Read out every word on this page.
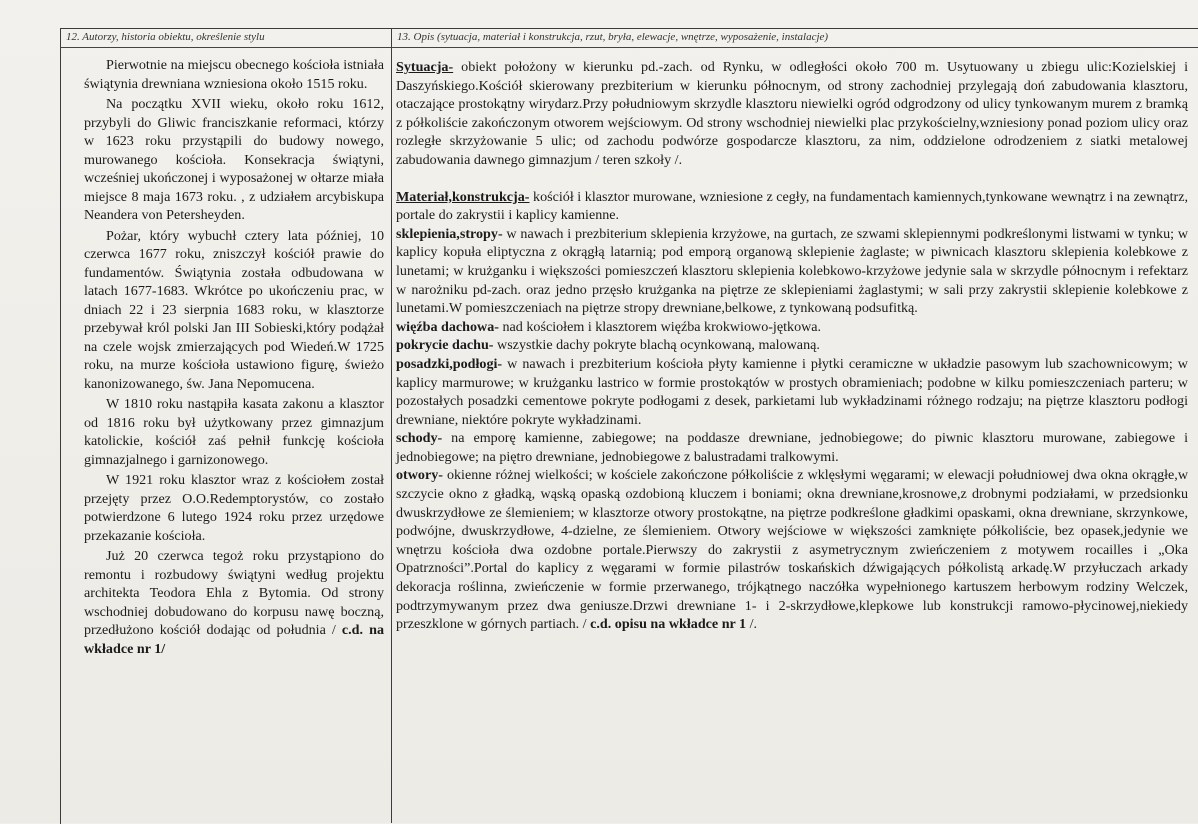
12. Autorzy, historia obiektu, określenie stylu	13. Opis (sytuacja, materiał i konstrukcja, rzut, bryła, elewacje, wnętrze, wyposażenie, instalacje)

Pierwotnie na miejscu obecnego kościoła istniała świątynia drewniana wzniesiona około 1515 roku.

Na początku XVII wieku, około roku 1612, przybyli do Gliwic franciszkanie reformaci, którzy w 1623 roku przystąpili do budowy nowego, murowanego kościoła. Konsekracja świątyni, wcześniej ukończonej i wyposażonej w ołtarze miała miejsce 8 maja 1673 roku. , z udziałem arcybiskupa Neandera von Petersheyden.

Pożar, który wybuchł cztery lata później, 10 czerwca 1677 roku, zniszczył kościół prawie do fundamentów. Świątynia została odbudowana w latach 1677-1683. Wkrótce po ukończeniu prac, w dniach 22 i 23 sierpnia 1683 roku, w klasztorze przebywał król polski Jan III Sobieski,który podążał na czele wojsk zmierzających pod Wiedeń.W 1725 roku, na murze kościoła ustawiono figurę, świeżo kanonizowanego, św. Jana Nepomucena.

W 1810 roku nastąpiła kasata zakonu a klasztor od 1816 roku był użytkowany przez gimnazjum katolickie, kościół zaś pełnił funkcję kościoła gimnazjalnego i garnizonowego.

W 1921 roku klasztor wraz z kościołem został przejęty przez O.O.Redemptorystów, co zostało potwierdzone 6 lutego 1924 roku przez urzędowe przekazanie kościoła.

Już 20 czerwca tegoż roku przystąpiono do remontu i rozbudowy świątyni według projektu architekta Teodora Ehla z Bytomia. Od strony wschodniej dobudowano do korpusu nawę boczną, przedłużono kościół dodając od południa / c.d. na wkładce nr 1/

Sytuacja- obiekt położony w kierunku pd.-zach. od Rynku, w odległości około 700 m. Usytuowany u zbiegu ulic:Kozielskiej i Daszyńskiego.Kościół skierowany prezbiterium w kierunku północnym, od strony zachodniej przylegają doń zabudowania klasztoru, otaczające prostokątny wirydarz.Przy południowym skrzydle klasztoru niewielki ogród odgrodzony od ulicy tynkowanym murem z bramką z półkoliście zakończonym otworem wejściowym. Od strony wschodniej niewielki plac przykościelny,wzniesiony ponad poziom ulicy oraz rozległe skrzyżowanie 5 ulic; od zachodu podwórze gospodarcze klasztoru, za nim, oddzielone odrodzeniem z siatki metalowej zabudowania dawnego gimnazjum / teren szkoły /.

Materiał,konstrukcja- kościół i klasztor murowane, wzniesione z cegły, na fundamentach kamiennych,tynkowane wewnątrz i na zewnątrz, portale do zakrystii i kaplicy kamienne.

sklepienia,stropy- w nawach i prezbiterium sklepienia krzyżowe, na gurtach, ze szwami sklepiennymi podkreślonymi listwami w tynku; w kaplicy kopuła eliptyczna z okrągłą latarnią; pod emporą organową sklepienie żaglaste; w piwnicach klasztoru sklepienia kolebkowe z lunetami; w krużganku i większości pomieszczeń klasztoru sklepienia kolebkowo-krzyżowe jedynie sala w skrzydle północnym i refektarz w narożniku pd-zach. oraz jedno przęsło krużganka na piętrze ze sklepieniami żaglastymi; w sali przy zakrystii sklepienie kolebkowe z lunetami.W pomieszczeniach na piętrze stropy drewniane,belkowe, z tynkowaną podsufitką.

więźba dachowa- nad kościołem i klasztorem więźba krokwiowo-jętkowa.

pokrycie dachu- wszystkie dachy pokryte blachą ocynkowaną, malowaną.

posadzki,podłogi- w nawach i prezbiterium kościoła płyty kamienne i płytki ceramiczne w układzie pasowym lub szachownicowym; w kaplicy marmurowe; w krużganku lastrico w formie prostokątów w prostych obramieniach; podobne w kilku pomieszczeniach parteru; w pozostałych posadzki cementowe pokryte podłogami z desek, parkietami lub wykładzinami różnego rodzaju; na piętrze klasztoru podłogi drewniane, niektóre pokryte wykładzinami.

schody- na emporę kamienne, zabiegowe; na poddasze drewniane, jednobiegowe; do piwnic klasztoru murowane, zabiegowe i jednobiegowe; na piętro drewniane, jednobiegowe z balustradami tralkowymi.

otwory- okienne różnej wielkości; w kościele zakończone półkoliście z wklęsłymi węgarami; w elewacji południowej dwa okna okrągłe,w szczycie okno z gładką, wąską opaską ozdobioną kluczem i boniami; okna drewniane,krosnowe,z drobnymi podziałami, w przedsionku dwuskrzydłowe ze ślemieniem; w klasztorze otwory prostokątne, na piętrze podkreślone gładkimi opaskami, okna drewniane, skrzynkowe, podwójne, dwuskrzydłowe, 4-dzielne, ze ślemieniem. Otwory wejściowe w większości zamknięte półkoliście, bez opasek,jedynie we wnętrzu kościoła dwa ozdobne portale.Pierwszy do zakrystii z asymetrycznym zwieńczeniem z motywem rocailles i „Oka Opatrzności”.Portal do kaplicy z węgarami w formie pilastrów toskańskich dźwigających półkolistą arkadę.W przyłuczach arkady dekoracja roślinna, zwieńczenie w formie przerwanego, trójkątnego naczółka wypełnionego kartuszem herbowym rodziny Welczek, podtrzymywanym przez dwa geniusze.Drzwi drewniane 1- i 2-skrzydłowe,klepkowe lub konstrukcji ramowo-płycinowej,niekiedy przeszklone w górnych partiach. / c.d. opisu na wkładce nr 1 /.
